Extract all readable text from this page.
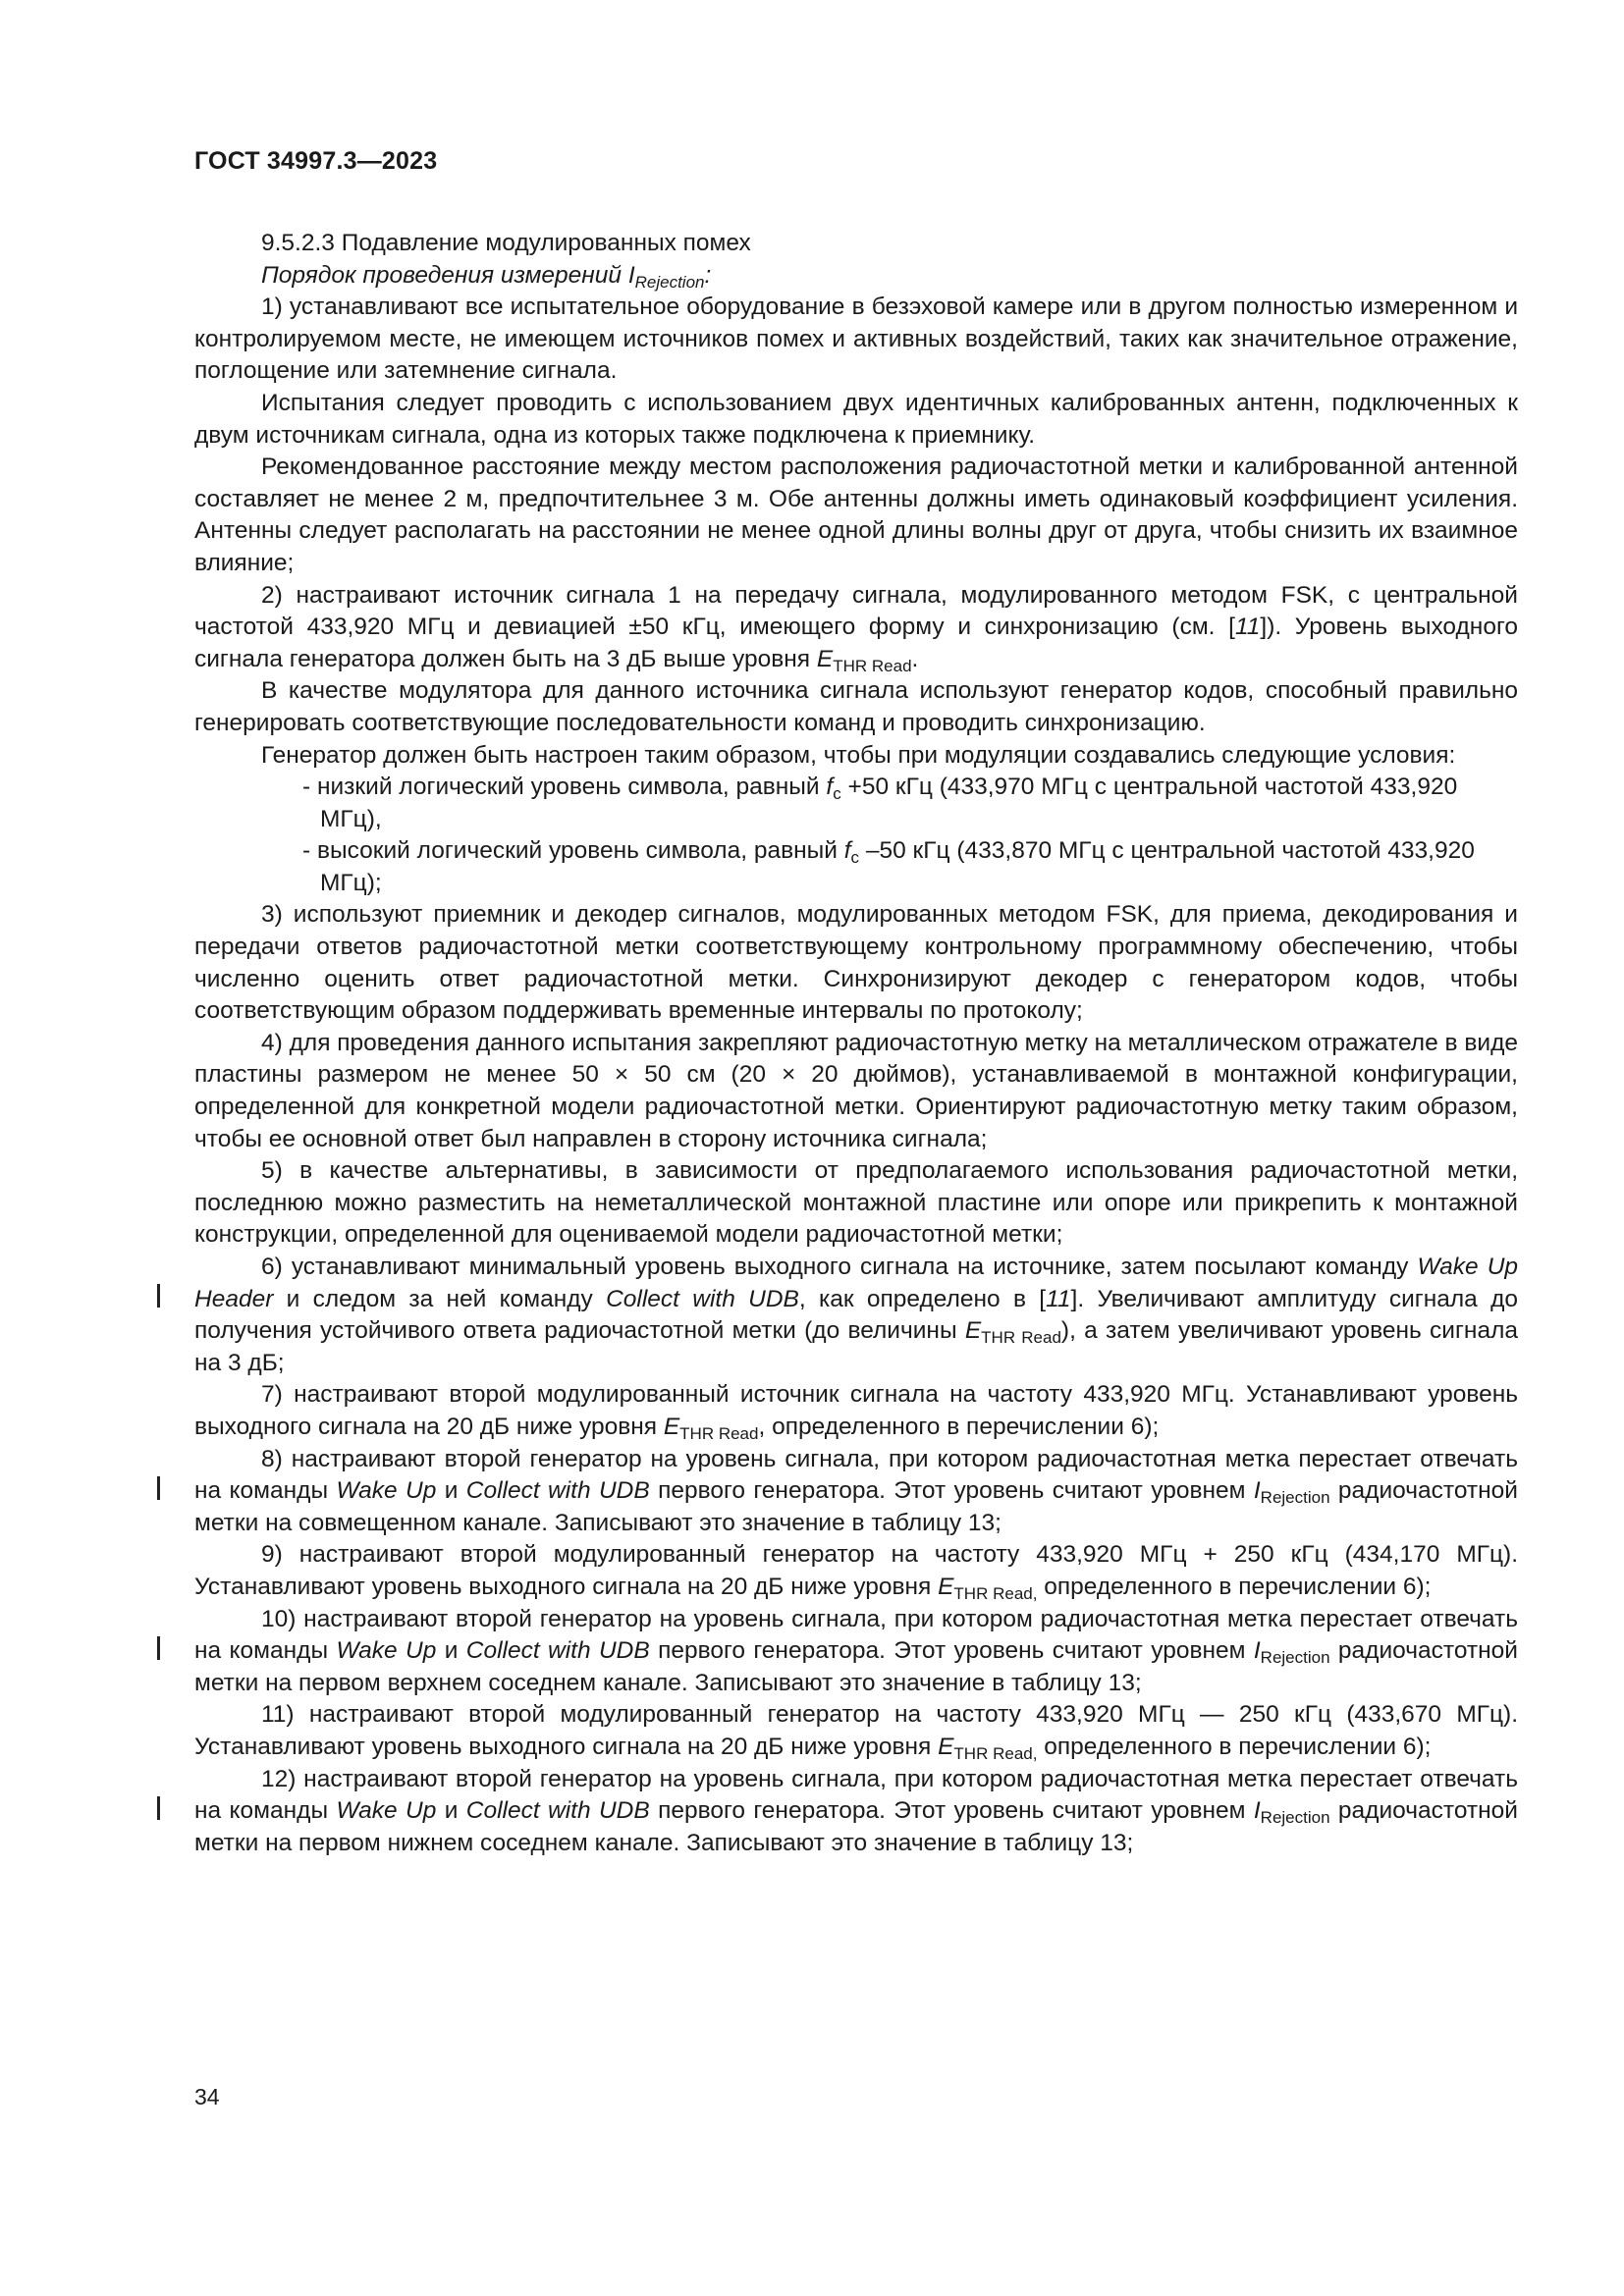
ГОСТ 34997.3—2023

9.5.2.3 Подавление модулированных помех

Порядок проведения измерений $I_{Rejection}$:

1) устанавливают все испытательное оборудование в безэховой камере или в другом полностью измеренном и контролируемом месте, не имеющем источников помех и активных воздействий, таких как значительное отражение, поглощение или затемнение сигнала.

Испытания следует проводить с использованием двух идентичных калиброванных антенн, подключенных к двум источникам сигнала, одна из которых также подключена к приемнику.

Рекомендованное расстояние между местом расположения радиочастотной метки и калиброванной антенной составляет не менее 2 м, предпочтительнее 3 м. Обе антенны должны иметь одинаковый коэффициент усиления. Антенны следует располагать на расстоянии не менее одной длины волны друг от друга, чтобы снизить их взаимное влияние;

2) настраивают источник сигнала 1 на передачу сигнала, модулированного методом FSK, с центральной частотой 433,920 МГц и девиацией ±50 кГц, имеющего форму и синхронизацию (см. [11]). Уровень выходного сигнала генератора должен быть на 3 дБ выше уровня $E_{THR Read}$.

В качестве модулятора для данного источника сигнала используют генератор кодов, способный правильно генерировать соответствующие последовательности команд и проводить синхронизацию.

Генератор должен быть настроен таким образом, чтобы при модуляции создавались следующие условия:

- низкий логический уровень символа, равный $f_c +50$ кГц (433,970 МГц с центральной частотой 433,920 МГц),

- высокий логический уровень символа, равный $f_c$ –50 кГц (433,870 МГц с центральной частотой 433,920 МГц);

3) используют приемник и декодер сигналов, модулированных методом FSK, для приема, декодирования и передачи ответов радиочастотной метки соответствующему контрольному программному обеспечению, чтобы численно оценить ответ радиочастотной метки. Синхронизируют декодер с генератором кодов, чтобы соответствующим образом поддерживать временные интервалы по протоколу;

4) для проведения данного испытания закрепляют радиочастотную метку на металлическом отражателе в виде пластины размером не менее 50 × 50 см (20 × 20 дюймов), устанавливаемой в монтажной конфигурации, определенной для конкретной модели радиочастотной метки. Ориентируют радиочастотную метку таким образом, чтобы ее основной ответ был направлен в сторону источника сигнала;

5) в качестве альтернативы, в зависимости от предполагаемого использования радиочастотной метки, последнюю можно разместить на неметаллической монтажной пластине или опоре или прикрепить к монтажной конструкции, определенной для оцениваемой модели радиочастотной метки;

6) устанавливают минимальный уровень выходного сигнала на источнике, затем посылают команду Wake Up Header и следом за ней команду Collect with UDB, как определено в [11]. Увеличивают амплитуду сигнала до получения устойчивого ответа радиочастотной метки (до величины $E_{THR Read}$), а затем увеличивают уровень сигнала на 3 дБ;

7) настраивают второй модулированный источник сигнала на частоту 433,920 МГц. Устанавливают уровень выходного сигнала на 20 дБ ниже уровня $E_{THR Read}$, определенного в перечислении 6);

8) настраивают второй генератор на уровень сигнала, при котором радиочастотная метка перестает отвечать на команды Wake Up и Collect with UDB первого генератора. Этот уровень считают уровнем $I_{Rejection}$ радиочастотной метки на совмещенном канале. Записывают это значение в таблицу 13;

9) настраивают второй модулированный генератор на частоту 433,920 МГц + 250 кГц (434,170 МГц). Устанавливают уровень выходного сигнала на 20 дБ ниже уровня $E_{THR Read,}$ определенного в перечислении 6);

10) настраивают второй генератор на уровень сигнала, при котором радиочастотная метка перестает отвечать на команды Wake Up и Collect with UDB первого генератора. Этот уровень считают уровнем $I_{Rejection}$ радиочастотной метки на первом верхнем соседнем канале. Записывают это значение в таблицу 13;

11) настраивают второй модулированный генератор на частоту 433,920 МГц — 250 кГц (433,670 МГц). Устанавливают уровень выходного сигнала на 20 дБ ниже уровня $E_{THR Read,}$ определенного в перечислении 6);

12) настраивают второй генератор на уровень сигнала, при котором радиочастотная метка перестает отвечать на команды Wake Up и Collect with UDB первого генератора. Этот уровень считают уровнем $I_{Rejection}$ радиочастотной метки на первом нижнем соседнем канале. Записывают это значение в таблицу 13;

34
